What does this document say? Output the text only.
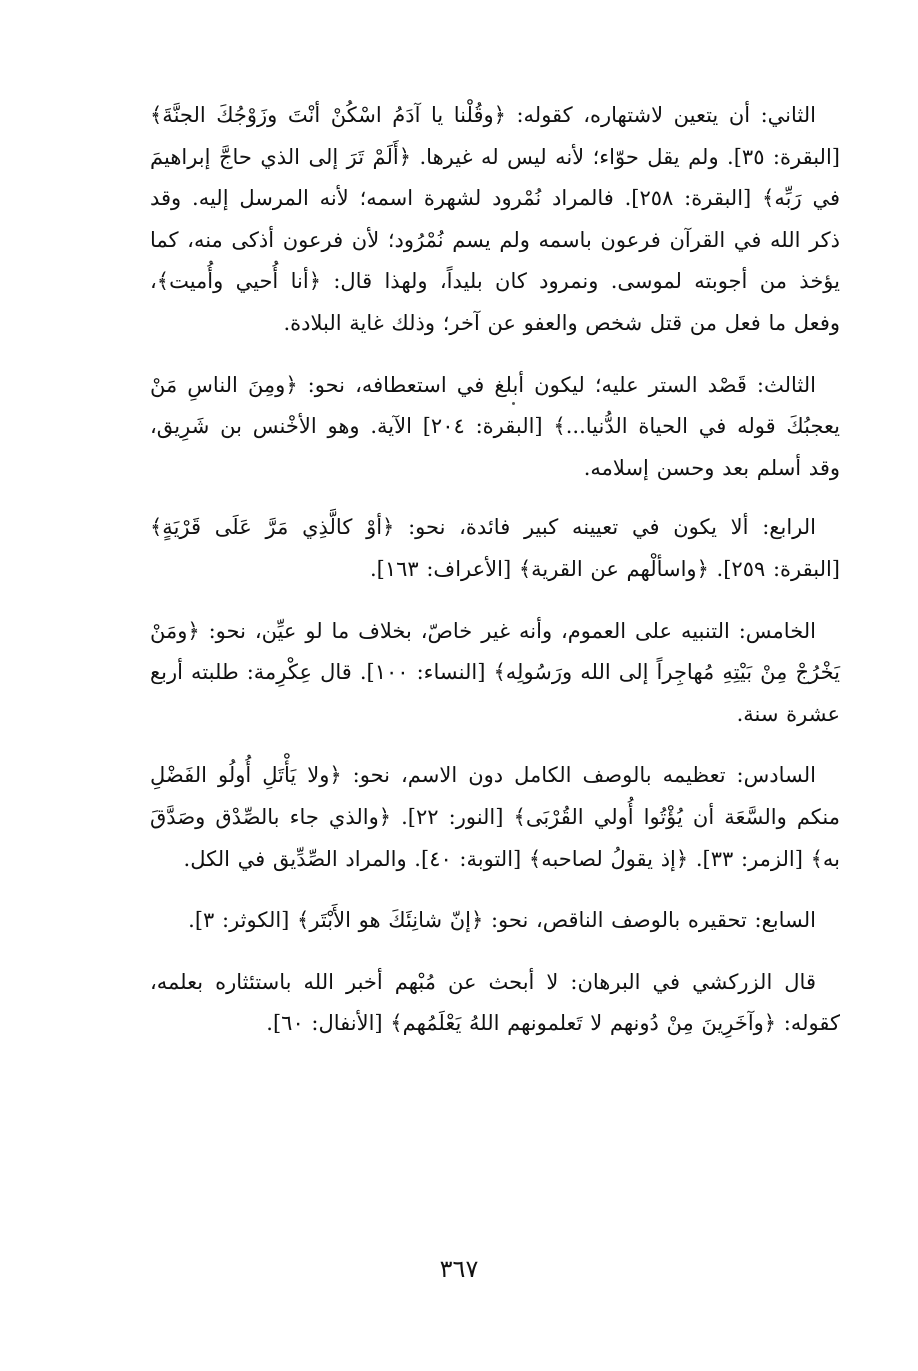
الثاني: أن يتعين لاشتهاره، كقوله: ﴿وقُلْنا يا آدَمُ اسْكُنْ أنْتَ وزَوْجُكَ الجنَّةَ﴾ [البقرة: ٣٥]. ولم يقل حوّاء؛ لأنه ليس له غيرها. ﴿أَلَمْ تَرَ إلى الذي حاجَّ إبراهيمَ في رَبِّه﴾ [البقرة: ٢٥٨]. فالمراد نُمْرود لشهرة اسمه؛ لأنه المرسل إليه. وقد ذكر الله في القرآن فرعون باسمه ولم يسم نُمْرُود؛ لأن فرعون أذكى منه، كما يؤخذ من أجوبته لموسى. ونمرود كان بليداً، ولهذا قال: ﴿أنا أُحيي وأُميت﴾، وفعل ما فعل من قتل شخص والعفو عن آخر؛ وذلك غاية البلادة.

الثالث: قَصْد الستر عليه؛ ليكون أبلغ في استعطافه، نحو: ﴿ومِنَ الناسِ مَنْ يعجبُكَ قوله في الحياة الدُّنيا...﴾ [البقرة: ٢٠٤] الآية. وهو الأخْنس بن شَرِيق، وقد أسلم بعد وحسن إسلامه.

الرابع: ألا يكون في تعيينه كبير فائدة، نحو: ﴿أوْ كالَّذِي مَرَّ عَلَى قَرْيَةٍ﴾ [البقرة: ٢٥٩]. ﴿واسألْهم عن القرية﴾ [الأعراف: ١٦٣].

الخامس: التنبيه على العموم، وأنه غير خاصّ، بخلاف ما لو عيِّن، نحو: ﴿ومَنْ يَخْرُجْ مِنْ بَيْتِهِ مُهاجِراً إلى الله ورَسُولِه﴾ [النساء: ١٠٠]. قال عِكْرِمة: طلبته أربع عشرة سنة.

السادس: تعظيمه بالوصف الكامل دون الاسم، نحو: ﴿ولا يَأْتَلِ أُولُو الفَضْلِ منكم والسَّعَة أن يُؤْتُوا أُولي القُرْبَى﴾ [النور: ٢٢]. ﴿والذي جاء بالصِّدْق وصَدَّقَ به﴾ [الزمر: ٣٣]. ﴿إذ يقولُ لصاحبه﴾ [التوبة: ٤٠]. والمراد الصِّدِّيق في الكل.

السابع: تحقيره بالوصف الناقص، نحو: ﴿إنّ شانِئَكَ هو الأَبْتَر﴾ [الكوثر: ٣].

قال الزركشي في البرهان: لا أبحث عن مُبْهم أخبر الله باستئثاره بعلمه، كقوله: ﴿وآخَرِينَ مِنْ دُونهم لا تَعلمونهم اللهُ يَعْلَمُهم﴾ [الأنفال: ٦٠].

٣٦٧
